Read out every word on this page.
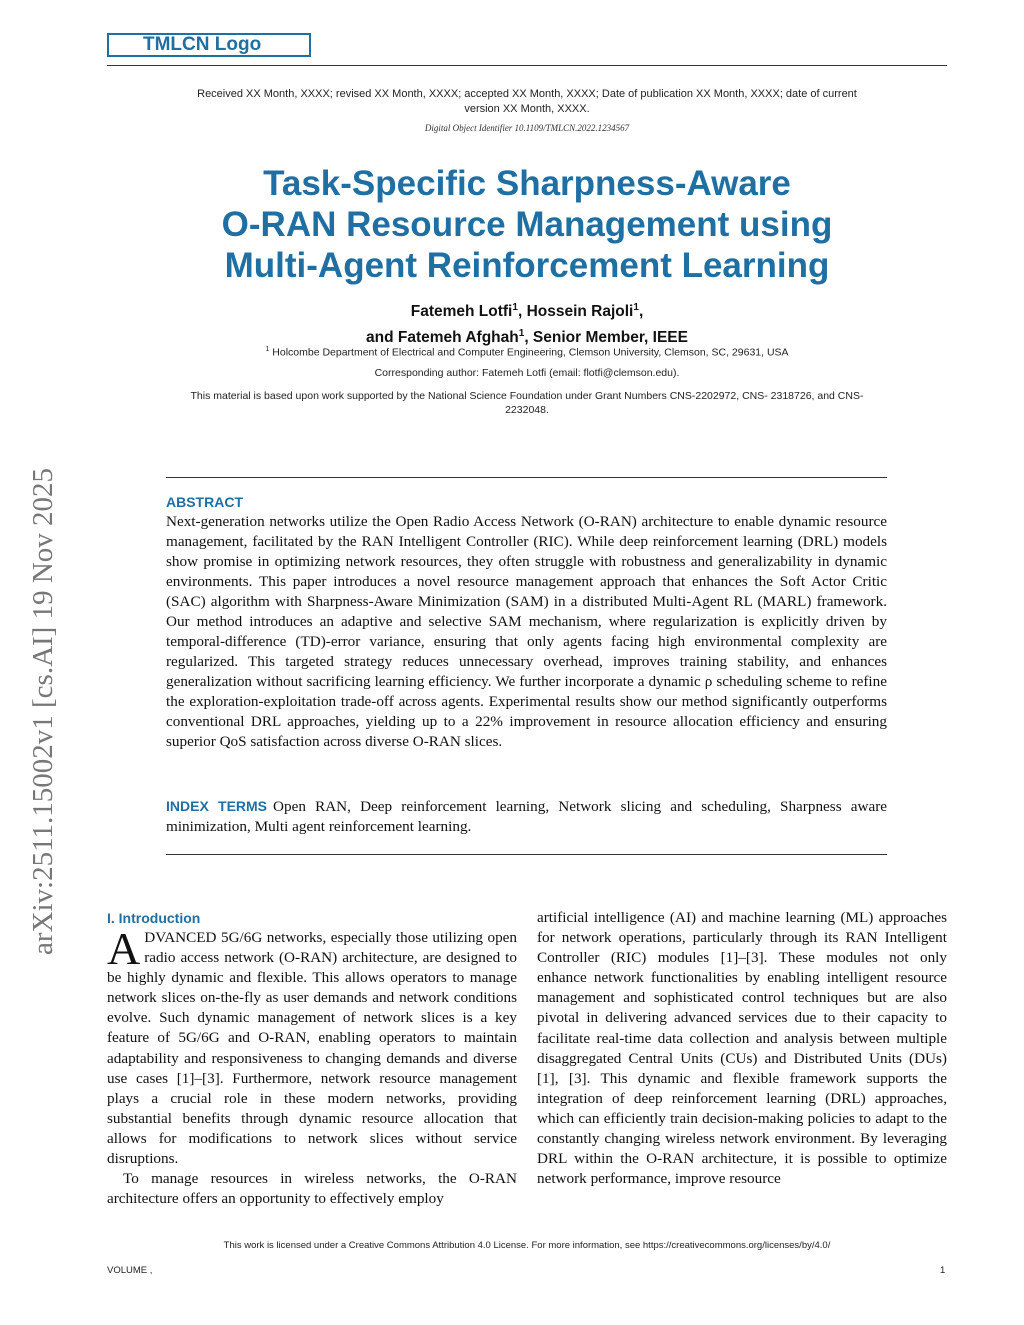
TMLCN Logo
Received XX Month, XXXX; revised XX Month, XXXX; accepted XX Month, XXXX; Date of publication XX Month, XXXX; date of current version XX Month, XXXX.
Digital Object Identifier 10.1109/TMLCN.2022.1234567
Task-Specific Sharpness-Aware
O-RAN Resource Management using
Multi-Agent Reinforcement Learning
Fatemeh Lotfi$^1$, Hossein Rajoli$^1$,
and Fatemeh Afghah$^1$, Senior Member, IEEE
$^1$ Holcombe Department of Electrical and Computer Engineering, Clemson University, Clemson, SC, 29631, USA
Corresponding author: Fatemeh Lotfi (email: flotfi@clemson.edu).
This material is based upon work supported by the National Science Foundation under Grant Numbers CNS-2202972, CNS- 2318726, and CNS-2232048.
ABSTRACT
Next-generation networks utilize the Open Radio Access Network (O-RAN) architecture to enable dynamic resource management, facilitated by the RAN Intelligent Controller (RIC). While deep reinforcement learning (DRL) models show promise in optimizing network resources, they often struggle with robustness and generalizability in dynamic environments. This paper introduces a novel resource management approach that enhances the Soft Actor Critic (SAC) algorithm with Sharpness-Aware Minimization (SAM) in a distributed Multi-Agent RL (MARL) framework. Our method introduces an adaptive and selective SAM mechanism, where regularization is explicitly driven by temporal-difference (TD)-error variance, ensuring that only agents facing high environmental complexity are regularized. This targeted strategy reduces unnecessary overhead, improves training stability, and enhances generalization without sacrificing learning efficiency. We further incorporate a dynamic ρ scheduling scheme to refine the exploration-exploitation trade-off across agents. Experimental results show our method significantly outperforms conventional DRL approaches, yielding up to a 22% improvement in resource allocation efficiency and ensuring superior QoS satisfaction across diverse O-RAN slices.
INDEX TERMS Open RAN, Deep reinforcement learning, Network slicing and scheduling, Sharpness aware minimization, Multi agent reinforcement learning.
I. Introduction

ADVANCED 5G/6G networks, especially those utilizing open radio access network (O-RAN) architecture, are designed to be highly dynamic and flexible. This allows operators to manage network slices on-the-fly as user demands and network conditions evolve. Such dynamic management of network slices is a key feature of 5G/6G and O-RAN, enabling operators to maintain adaptability and responsiveness to changing demands and diverse use cases [1]–[3]. Furthermore, network resource management plays a crucial role in these modern networks, providing substantial benefits through dynamic resource allocation that allows for modifications to network slices without service disruptions.

To manage resources in wireless networks, the O-RAN architecture offers an opportunity to effectively employ

artificial intelligence (AI) and machine learning (ML) approaches for network operations, particularly through its RAN Intelligent Controller (RIC) modules [1]–[3]. These modules not only enhance network functionalities by enabling intelligent resource management and sophisticated control techniques but are also pivotal in delivering advanced services due to their capacity to facilitate real-time data collection and analysis between multiple disaggregated Central Units (CUs) and Distributed Units (DUs) [1], [3]. This dynamic and flexible framework supports the integration of deep reinforcement learning (DRL) approaches, which can efficiently train decision-making policies to adapt to the constantly changing wireless network environment. By leveraging DRL within the O-RAN architecture, it is possible to optimize network performance, improve resource

arXiv:2511.15002v1 [cs.AI] 19 Nov 2025
This work is licensed under a Creative Commons Attribution 4.0 License. For more information, see https://creativecommons.org/licenses/by/4.0/
VOLUME ,	1
